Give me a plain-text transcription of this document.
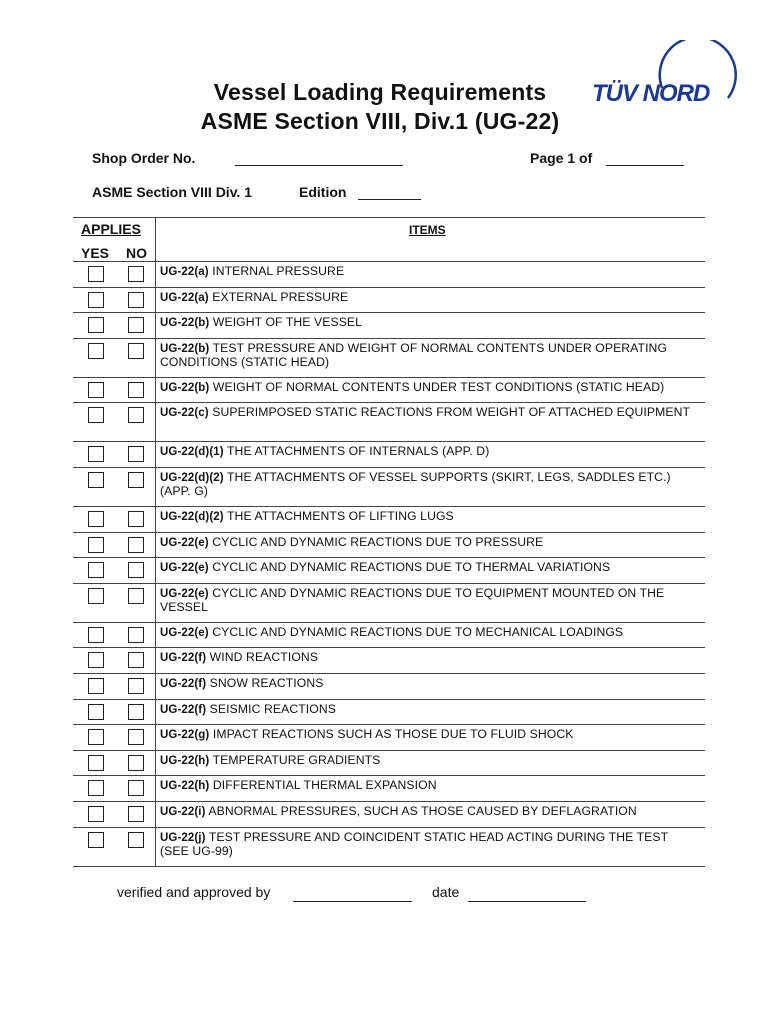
Vessel Loading Requirements
ASME Section VIII, Div.1 (UG-22)
TÜV NORD
Shop Order No.	Page 1 of
ASME Section VIII Div. 1	Edition
APPLIES
YES NO
ITEMS
UG-22(a) INTERNAL PRESSURE
UG-22(a) EXTERNAL PRESSURE
UG-22(b) WEIGHT OF THE VESSEL
UG-22(b) TEST PRESSURE AND WEIGHT OF NORMAL CONTENTS UNDER OPERATING CONDITIONS (STATIC HEAD)
UG-22(b) WEIGHT OF NORMAL CONTENTS UNDER TEST CONDITIONS (STATIC HEAD)
UG-22(c) SUPERIMPOSED STATIC REACTIONS FROM WEIGHT OF ATTACHED EQUIPMENT
UG-22(d)(1) THE ATTACHMENTS OF INTERNALS (APP. D)
UG-22(d)(2) THE ATTACHMENTS OF VESSEL SUPPORTS (SKIRT, LEGS, SADDLES ETC.) (APP. G)
UG-22(d)(2) THE ATTACHMENTS OF LIFTING LUGS
UG-22(e) CYCLIC AND DYNAMIC REACTIONS DUE TO PRESSURE
UG-22(e) CYCLIC AND DYNAMIC REACTIONS DUE TO THERMAL VARIATIONS
UG-22(e) CYCLIC AND DYNAMIC REACTIONS DUE TO EQUIPMENT MOUNTED ON THE VESSEL
UG-22(e) CYCLIC AND DYNAMIC REACTIONS DUE TO MECHANICAL LOADINGS
UG-22(f) WIND REACTIONS
UG-22(f) SNOW REACTIONS
UG-22(f) SEISMIC REACTIONS
UG-22(g) IMPACT REACTIONS SUCH AS THOSE DUE TO FLUID SHOCK
UG-22(h) TEMPERATURE GRADIENTS
UG-22(h) DIFFERENTIAL THERMAL EXPANSION
UG-22(i) ABNORMAL PRESSURES, SUCH AS THOSE CAUSED BY DEFLAGRATION
UG-22(j) TEST PRESSURE AND COINCIDENT STATIC HEAD ACTING DURING THE TEST (SEE UG-99)
verified and approved by	date
